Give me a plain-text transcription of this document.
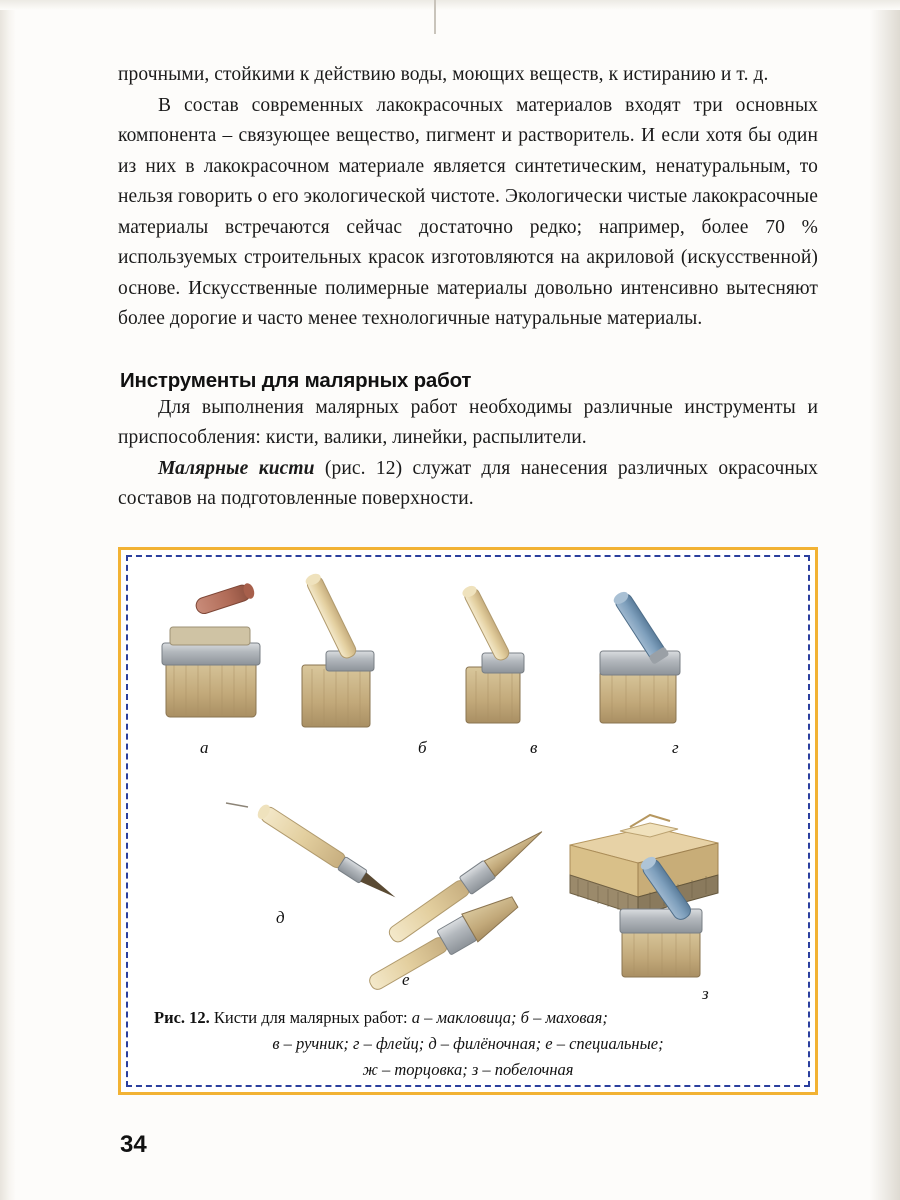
прочными, стойкими к действию воды, моющих веществ, к истиранию и т. д.

В состав современных лакокрасочных материалов входят три основных компонента – связующее вещество, пигмент и растворитель. И если хотя бы один из них в лакокрасочном материале является синтетическим, ненатуральным, то нельзя говорить о его экологической чистоте. Экологически чистые лакокрасочные материалы встречаются сейчас достаточно редко; например, более 70 % используемых строительных красок изготовляются на акриловой (искусственной) основе. Искусственные полимерные материалы довольно интенсивно вытесняют более дорогие и часто менее технологичные натуральные материалы.

Инструменты для малярных работ

Для выполнения малярных работ необходимы различные инструменты и приспособления: кисти, валики, линейки, распылители.

Малярные кисти (рис. 12) служат для нанесения различных окрасочных составов на подготовленные поверхности.

а	б	в	г
д
е
з
Рис. 12. Кисти для малярных работ: а – макловица; б – маховая;
в – ручник; г – флейц; д – филёночная; е – специальные;
ж – торцовка; з – побелочная
34
